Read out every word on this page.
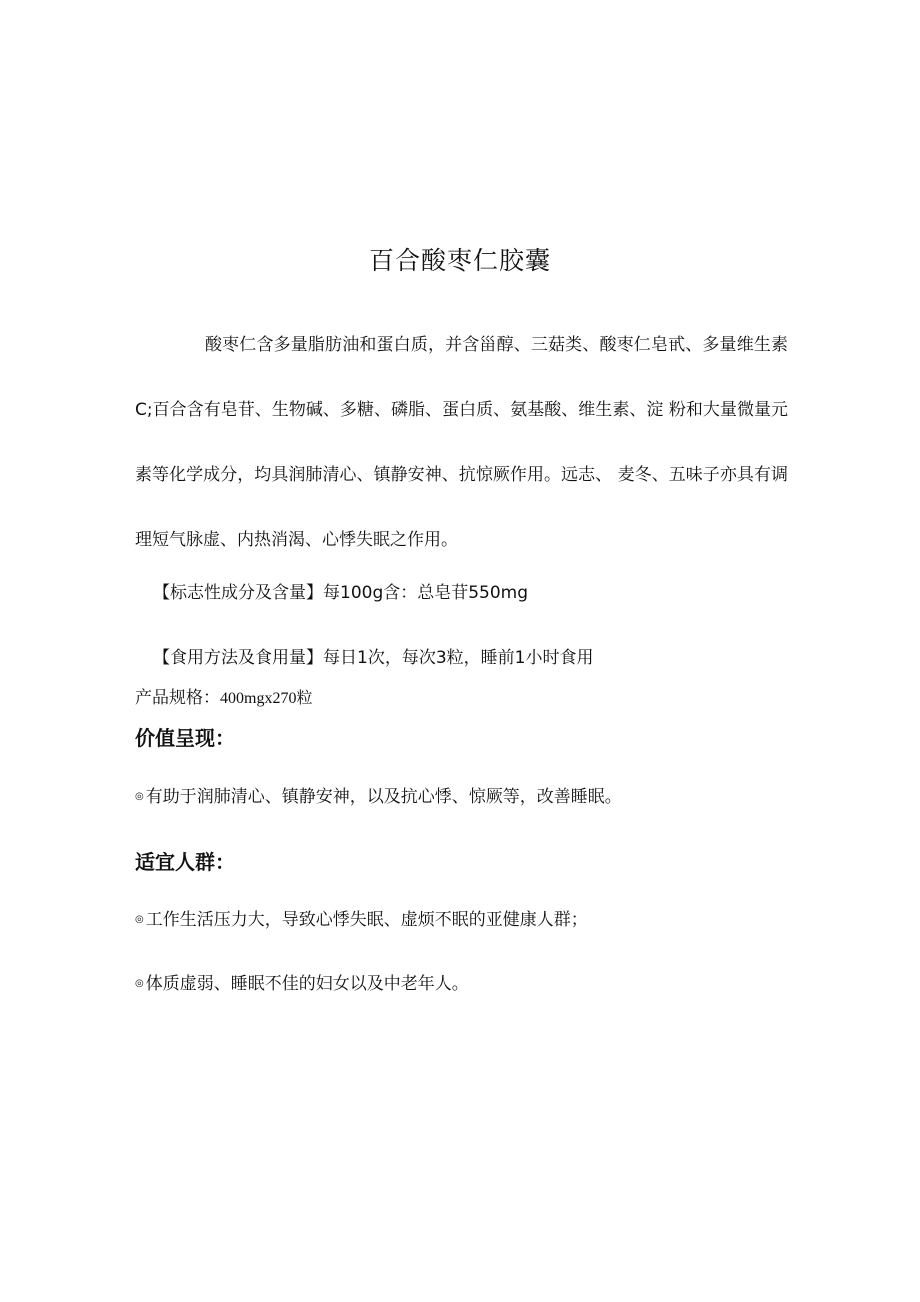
百合酸枣仁胶囊

酸枣仁含多量脂肪油和蛋白质，并含甾醇、三菇类、酸枣仁皂甙、多量维生素C;百合含有皂苷、生物碱、多糖、磷脂、蛋白质、氨基酸、维生素、淀 粉和大量微量元素等化学成分，均具润肺清心、镇静安神、抗惊厥作用。远志、 麦冬、五味子亦具有调理短气脉虚、内热消渴、心悸失眠之作用。

【标志性成分及含量】每100g含：总皂苷550mg

【食用方法及食用量】每日1次，每次3粒，睡前1小时食用

产品规格：400mgx270粒

价值呈现：

◎ 有助于润肺清心、镇静安神，以及抗心悸、惊厥等，改善睡眠。

适宜人群：

◎ 工作生活压力大，导致心悸失眠、虚烦不眠的亚健康人群；

◎ 体质虚弱、睡眠不佳的妇女以及中老年人。
